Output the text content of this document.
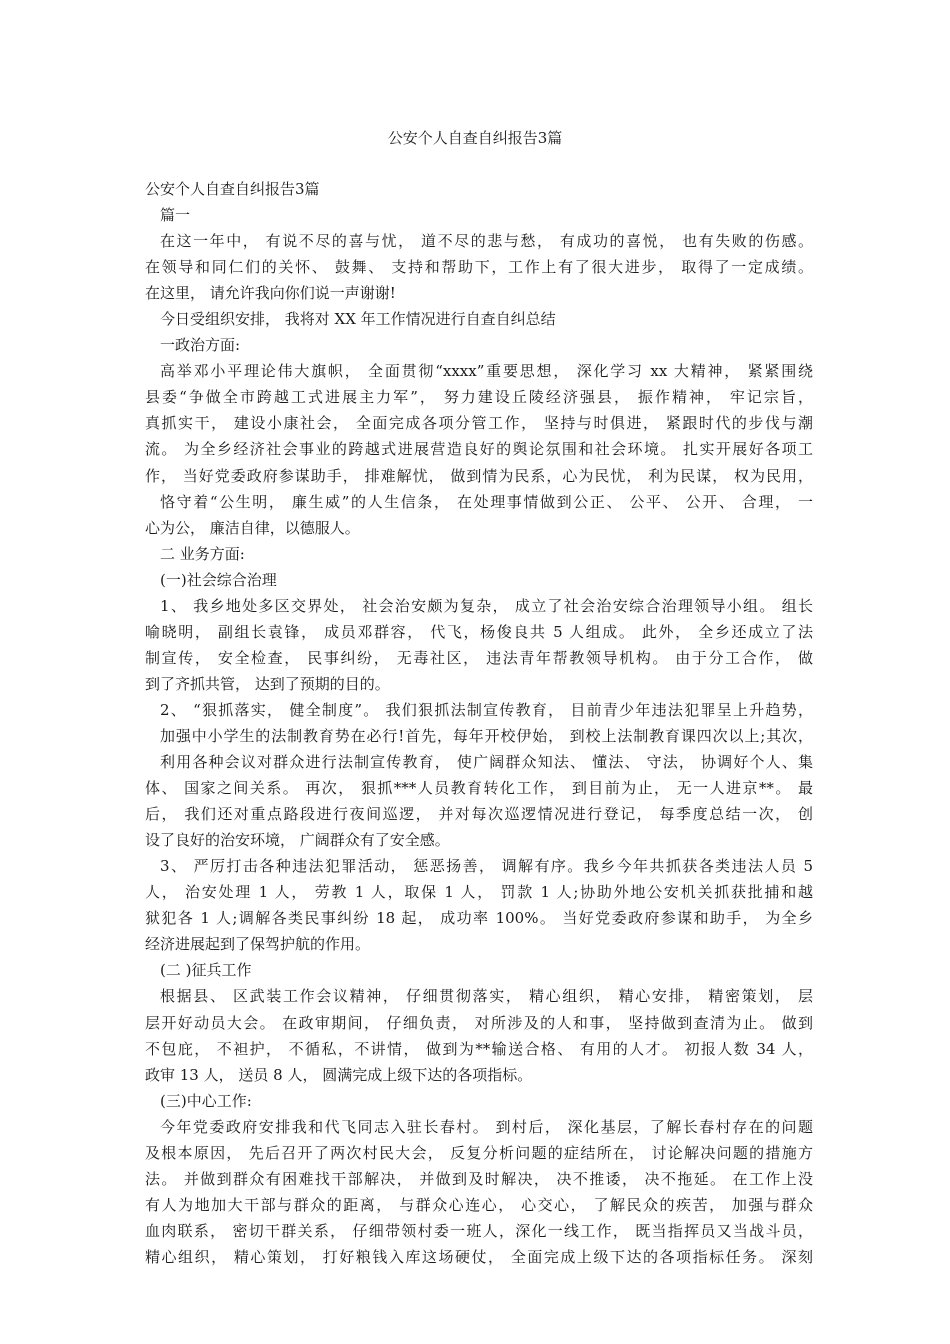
公安个人自查自纠报告3篇
公安个人自查自纠报告3篇
篇一
在这一年中， 有说不尽的喜与忧， 道不尽的悲与愁， 有成功的喜悦， 也有失败的伤感。
在领导和同仁们的关怀、 鼓舞、 支持和帮助下，工作上有了很大进步， 取得了一定成绩。
在这里， 请允许我向你们说一声谢谢!
今日受组织安排， 我将对 XX 年工作情况进行自查自纠总结
一政治方面:
高举邓小平理论伟大旗帜， 全面贯彻“xxxx”重要思想， 深化学习 xx 大精神， 紧紧围绕
县委“争做全市跨越工式进展主力军”， 努力建设丘陵经济强县， 振作精神， 牢记宗旨，
真抓实干， 建设小康社会， 全面完成各项分管工作， 坚持与时俱进， 紧跟时代的步伐与潮
流。 为全乡经济社会事业的跨越式进展营造良好的舆论氛围和社会环境。 扎实开展好各项工
作， 当好党委政府参谋助手， 排难解忧， 做到情为民系，心为民忧， 利为民谋， 权为民用，
恪守着“公生明， 廉生威”的人生信条， 在处理事情做到公正、 公平、 公开、 合理， 一
心为公， 廉洁自律，以德服人。
二 业务方面:
(一)社会综合治理
1、 我乡地处多区交界处， 社会治安颇为复杂， 成立了社会治安综合治理领导小组。 组长
喻晓明， 副组长袁锋， 成员邓群容， 代飞，杨俊良共 5 人组成。 此外， 全乡还成立了法
制宣传， 安全检查， 民事纠纷， 无毒社区， 违法青年帮教领导机构。 由于分工合作， 做
到了齐抓共管， 达到了预期的目的。
2、 “狠抓落实， 健全制度”。 我们狠抓法制宣传教育， 目前青少年违法犯罪呈上升趋势，
加强中小学生的法制教育势在必行!首先，每年开校伊始， 到校上法制教育课四次以上;其次，
利用各种会议对群众进行法制宣传教育， 使广阔群众知法、 懂法、 守法， 协调好个人、集
体、 国家之间关系。 再次， 狠抓***人员教育转化工作， 到目前为止， 无一人进京**。 最
后， 我们还对重点路段进行夜间巡逻， 并对每次巡逻情况进行登记， 每季度总结一次， 创
设了良好的治安环境， 广阔群众有了安全感。
3、 严厉打击各种违法犯罪活动， 惩恶扬善， 调解有序。我乡今年共抓获各类违法人员 5
人， 治安处理 1 人， 劳教 1 人，取保 1 人， 罚款 1 人;协助外地公安机关抓获批捕和越
狱犯各 1 人;调解各类民事纠纷 18 起， 成功率 100%。 当好党委政府参谋和助手， 为全乡
经济进展起到了保驾护航的作用。
(二 )征兵工作
根据县、 区武装工作会议精神， 仔细贯彻落实， 精心组织， 精心安排， 精密策划， 层
层开好动员大会。 在政审期间， 仔细负责， 对所涉及的人和事， 坚持做到查清为止。 做到
不包庇， 不袒护， 不循私，不讲情， 做到为**输送合格、 有用的人才。 初报人数 34 人，
政审 13 人， 送员 8 人， 圆满完成上级下达的各项指标。
(三)中心工作:
今年党委政府安排我和代飞同志入驻长春村。 到村后， 深化基层，了解长春村存在的问题
及根本原因， 先后召开了两次村民大会， 反复分析问题的症结所在， 讨论解决问题的措施方
法。 并做到群众有困难找干部解决， 并做到及时解决， 决不推诿， 决不拖延。 在工作上没
有人为地加大干部与群众的距离， 与群众心连心， 心交心， 了解民众的疾苦， 加强与群众
血肉联系， 密切干群关系， 仔细带领村委一班人，深化一线工作， 既当指挥员又当战斗员，
精心组织， 精心策划， 打好粮钱入库这场硬仗， 全面完成上级下达的各项指标任务。 深刻
